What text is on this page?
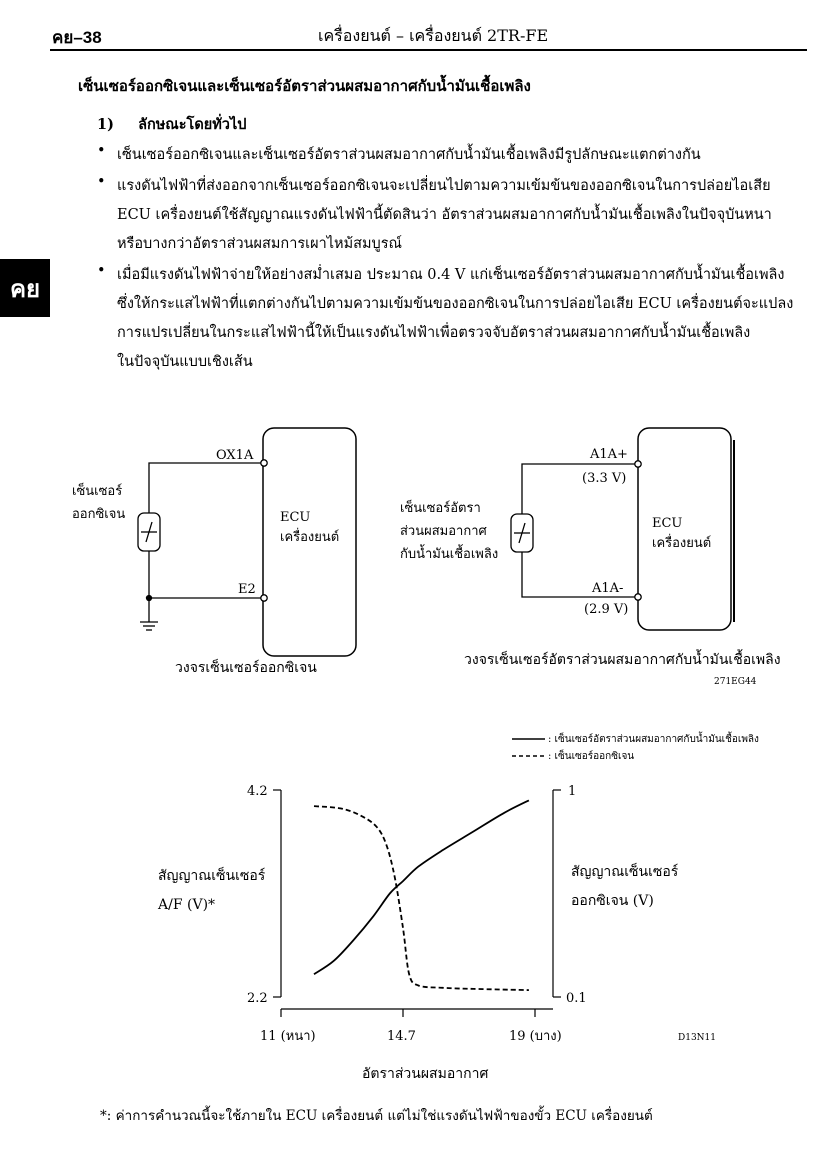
คย–38	เครื่องยนต์ – เครื่องยนต์ 2TR-FE
คย
เซ็นเซอร์ออกซิเจนและเซ็นเซอร์อัตราส่วนผสมอากาศกับน้ำมันเชื้อเพลิง
1) ลักษณะโดยทั่วไป
• เซ็นเซอร์ออกซิเจนและเซ็นเซอร์อัตราส่วนผสมอากาศกับน้ำมันเชื้อเพลิงมีรูปลักษณะแตกต่างกัน
• แรงดันไฟฟ้าที่ส่งออกจากเซ็นเซอร์ออกซิเจนจะเปลี่ยนไปตามความเข้มข้นของออกซิเจนในการปล่อยไอเสีย
ECU เครื่องยนต์ใช้สัญญาณแรงดันไฟฟ้านี้ตัดสินว่า อัตราส่วนผสมอากาศกับน้ำมันเชื้อเพลิงในปัจจุบันหนา
หรือบางกว่าอัตราส่วนผสมการเผาไหม้สมบูรณ์
• เมื่อมีแรงดันไฟฟ้าจ่ายให้อย่างสม่ำเสมอ ประมาณ 0.4 V แก่เซ็นเซอร์อัตราส่วนผสมอากาศกับน้ำมันเชื้อเพลิง
ซึ่งให้กระแสไฟฟ้าที่แตกต่างกันไปตามความเข้มข้นของออกซิเจนในการปล่อยไอเสีย ECU เครื่องยนต์จะแปลง
การแปรเปลี่ยนในกระแสไฟฟ้านี้ให้เป็นแรงดันไฟฟ้าเพื่อตรวจจับอัตราส่วนผสมอากาศกับน้ำมันเชื้อเพลิง
ในปัจจุบันแบบเชิงเส้น
OX1A
E2
เซ็นเซอร์
ออกซิเจน	ECU
เครื่องยนต์
วงจรเซ็นเซอร์ออกซิเจน
A1A+
(3.3 V)
A1A-
(2.9 V)
เซ็นเซอร์อัตรา
ส่วนผสมอากาศ
กับน้ำมันเชื้อเพลิง
ECU
เครื่องยนต์
วงจรเซ็นเซอร์อัตราส่วนผสมอากาศกับน้ำมันเชื้อเพลิง
271EG44
: เซ็นเซอร์อัตราส่วนผสมอากาศกับน้ำมันเชื้อเพลิง
: เซ็นเซอร์ออกซิเจน
4.2
2.2
1
0.1
11 (หนา)	14.7	19 (บาง)	D13N11
อัตราส่วนผสมอากาศ
สัญญาณเซ็นเซอร์
A/F (V)*
สัญญาณเซ็นเซอร์
ออกซิเจน (V)
*: ค่าการคำนวณนี้จะใช้ภายใน ECU เครื่องยนต์ แต่ไม่ใช่แรงดันไฟฟ้าของขั้ว ECU เครื่องยนต์
